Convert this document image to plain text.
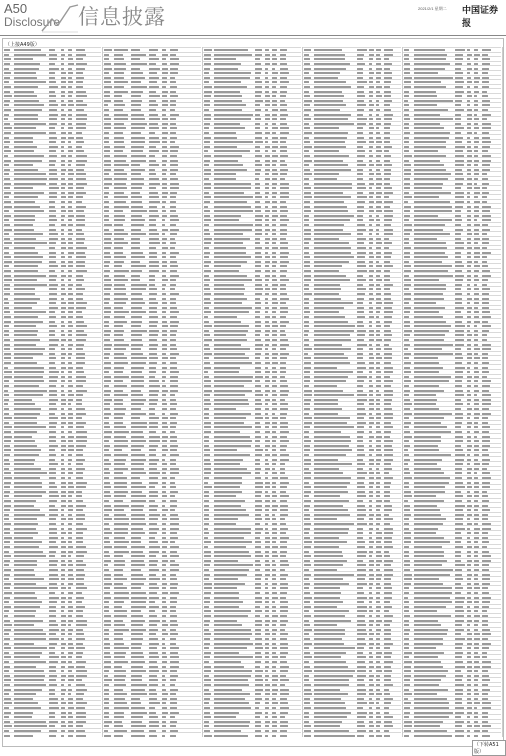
A50
Disclosure 信息披露	2021/2/1 星期二 中国证券报
（上接A49版）
（下转A51版）
